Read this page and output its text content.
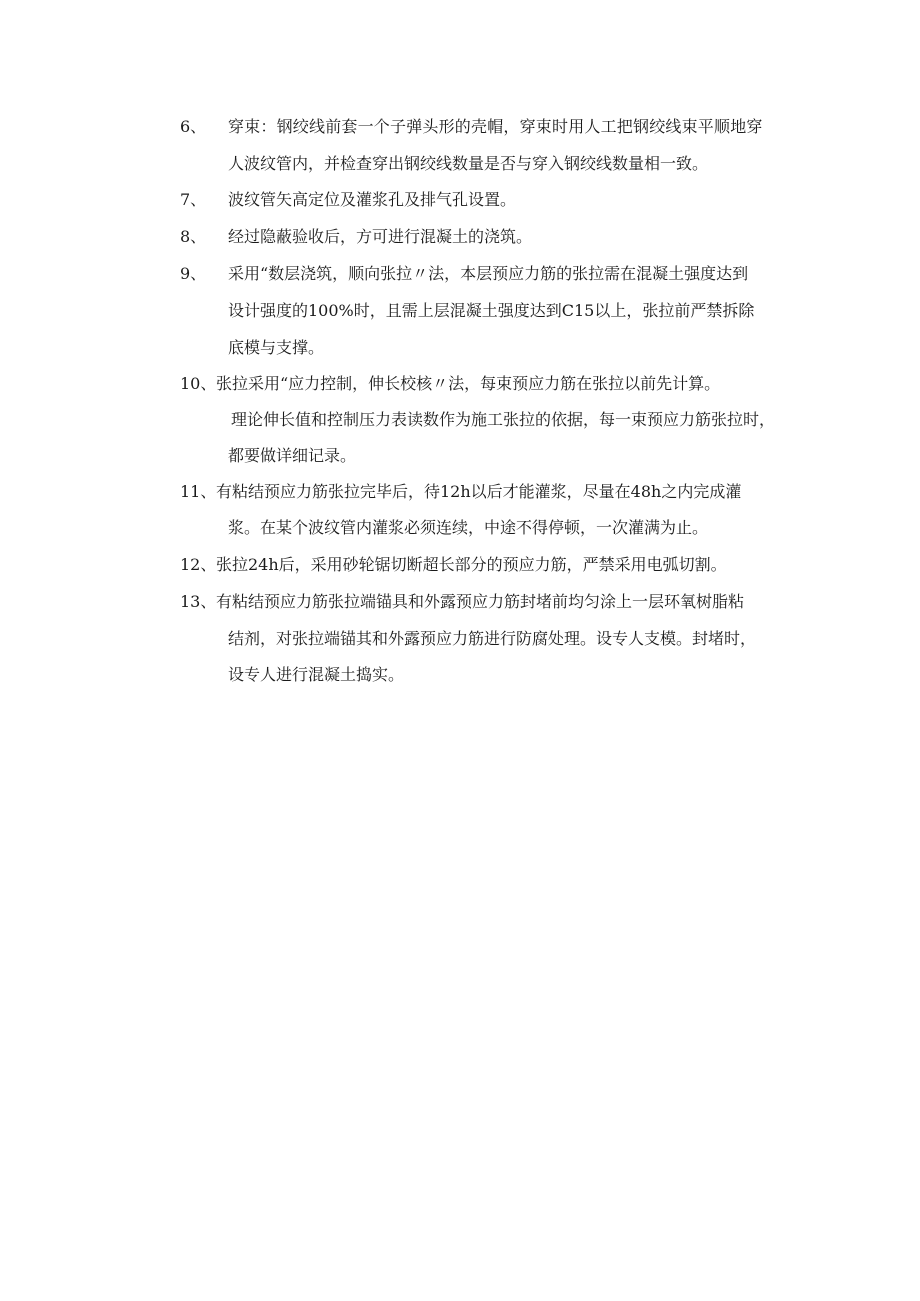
6、 穿束：钢绞线前套一个子弹头形的壳帽，穿束时用人工把钢绞线束平顺地穿
人波纹管内，并检查穿出钢绞线数量是否与穿入钢绞线数量相一致。
7、 波纹管矢高定位及灌浆孔及排气孔设置。
8、 经过隐蔽验收后，方可进行混凝土的浇筑。
9、 采用“数层浇筑，顺向张拉〃法，本层预应力筋的张拉需在混凝土强度达到
设计强度的100%时，且需上层混凝土强度达到C15以上，张拉前严禁拆除
底模与支撑。
10、 张拉采用“应力控制，伸长校核〃法，每束预应力筋在张拉以前先计算。
理论伸长值和控制压力表读数作为施工张拉的依据，每一束预应力筋张拉时，
都要做详细记录。
11、 有粘结预应力筋张拉完毕后，待12h以后才能灌浆，尽量在48h之内完成灌
浆。在某个波纹管内灌浆必须连续，中途不得停顿，一次灌满为止。
12、 张拉24h后，采用砂轮锯切断超长部分的预应力筋，严禁采用电弧切割。
13、 有粘结预应力筋张拉端锚具和外露预应力筋封堵前均匀涂上一层环氧树脂粘
结剂，对张拉端锚其和外露预应力筋进行防腐处理。设专人支模。封堵时，
设专人进行混凝土捣实。
